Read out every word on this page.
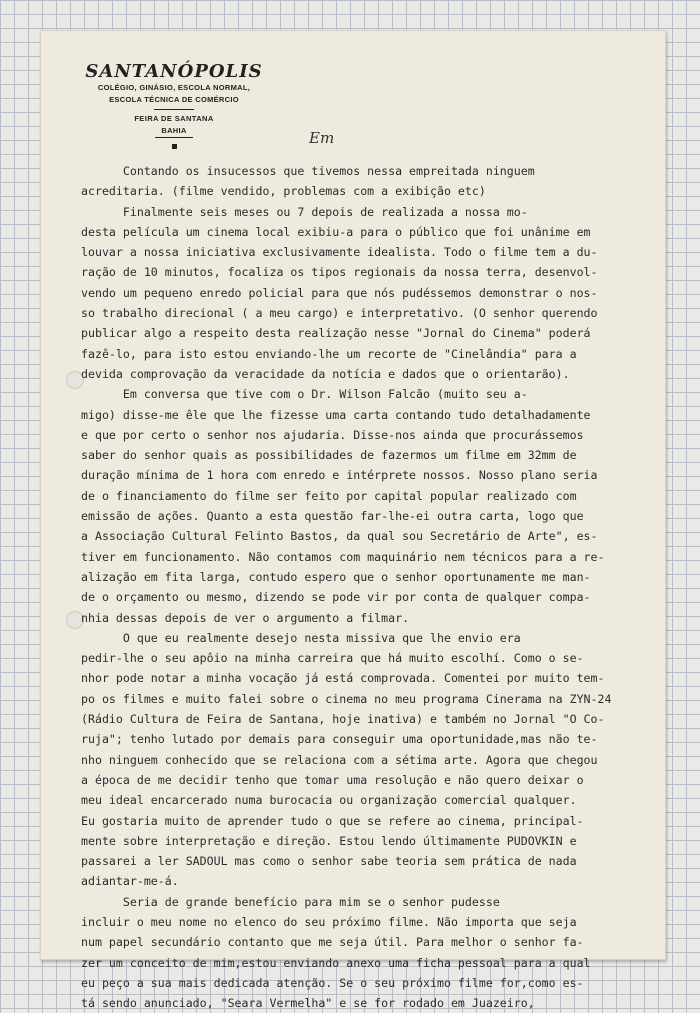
SANTANÓPOLIS

COLÉGIO, GINÁSIO, ESCOLA NORMAL,

ESCOLA TÉCNICA DE COMÉRCIO

FEIRA DE SANTANA

BAHIA	Em

Contando os insucessos que tivemos nessa empreitada ninguem

acreditaria. (filme vendido, problemas com a exibição etc)

Finalmente seis meses ou 7 depois de realizada a nossa mo-

desta película um cinema local exibiu-a para o público que foi unânime em

louvar a nossa iniciativa exclusivamente idealista. Todo o filme tem a du-

ração de 10 minutos, focaliza os tipos regionais da nossa terra, desenvol-

vendo um pequeno enredo policial para que nós pudéssemos demonstrar o nos-

so trabalho direcional ( a meu cargo) e interpretativo. (O senhor querendo

publicar algo a respeito desta realização nesse "Jornal do Cinema" poderá

fazê-lo, para isto estou enviando-lhe um recorte de "Cinelândia" para a

devida comprovação da veracidade da notícia e dados que o orientarão).

Em conversa que tive com o Dr. Wilson Falcão (muito seu a-

migo) disse-me êle que lhe fizesse uma carta contando tudo detalhadamente

e que por certo o senhor nos ajudaria. Disse-nos ainda que procurássemos

saber do senhor quais as possibilidades de fazermos um filme em 32mm de

duração mínima de 1 hora com enredo e intérprete nossos. Nosso plano seria

de o financiamento do filme ser feito por capital popular realizado com

emissão de ações. Quanto a esta questão far-lhe-ei outra carta, logo que

a Associação Cultural Felinto Bastos, da qual sou Secretário de Arte", es-

tiver em funcionamento. Não contamos com maquinário nem técnicos para a re-

alização em fita larga, contudo espero que o senhor oportunamente me man-

de o orçamento ou mesmo, dizendo se pode vir por conta de qualquer compa-

nhia dessas depois de ver o argumento a filmar.

O que eu realmente desejo nesta missiva que lhe envio era

pedir-lhe o seu apôio na minha carreira que há muito escolhí. Como o se-

nhor pode notar a minha vocação já está comprovada. Comentei por muito tem-

po os filmes e muito falei sobre o cinema no meu programa Cinerama na ZYN-24

(Rádio Cultura de Feira de Santana, hoje inativa) e também no Jornal "O Co-

ruja"; tenho lutado por demais para conseguir uma oportunidade,mas não te-

nho ninguem conhecido que se relaciona com a sétima arte. Agora que chegou

a época de me decidir tenho que tomar uma resolução e não quero deixar o

meu ideal encarcerado numa burocacia ou organização comercial qualquer.

Eu gostaria muito de aprender tudo o que se refere ao cinema, principal-

mente sobre interpretação e direção. Estou lendo últimamente PUDOVKIN e

passarei a ler SADOUL mas como o senhor sabe teoria sem prática de nada

adiantar-me-á.

Seria de grande benefício para mim se o senhor pudesse

incluir o meu nome no elenco do seu próximo filme. Não importa que seja

num papel secundário contanto que me seja útil. Para melhor o senhor fa-

zer um conceito de mim,estou enviando anexo uma ficha pessoal para a qual

eu peço a sua mais dedicada atenção. Se o seu próximo filme for,como es-

tá sendo anunciado, "Seara Vermelha" e se for rodado em Juazeiro,
